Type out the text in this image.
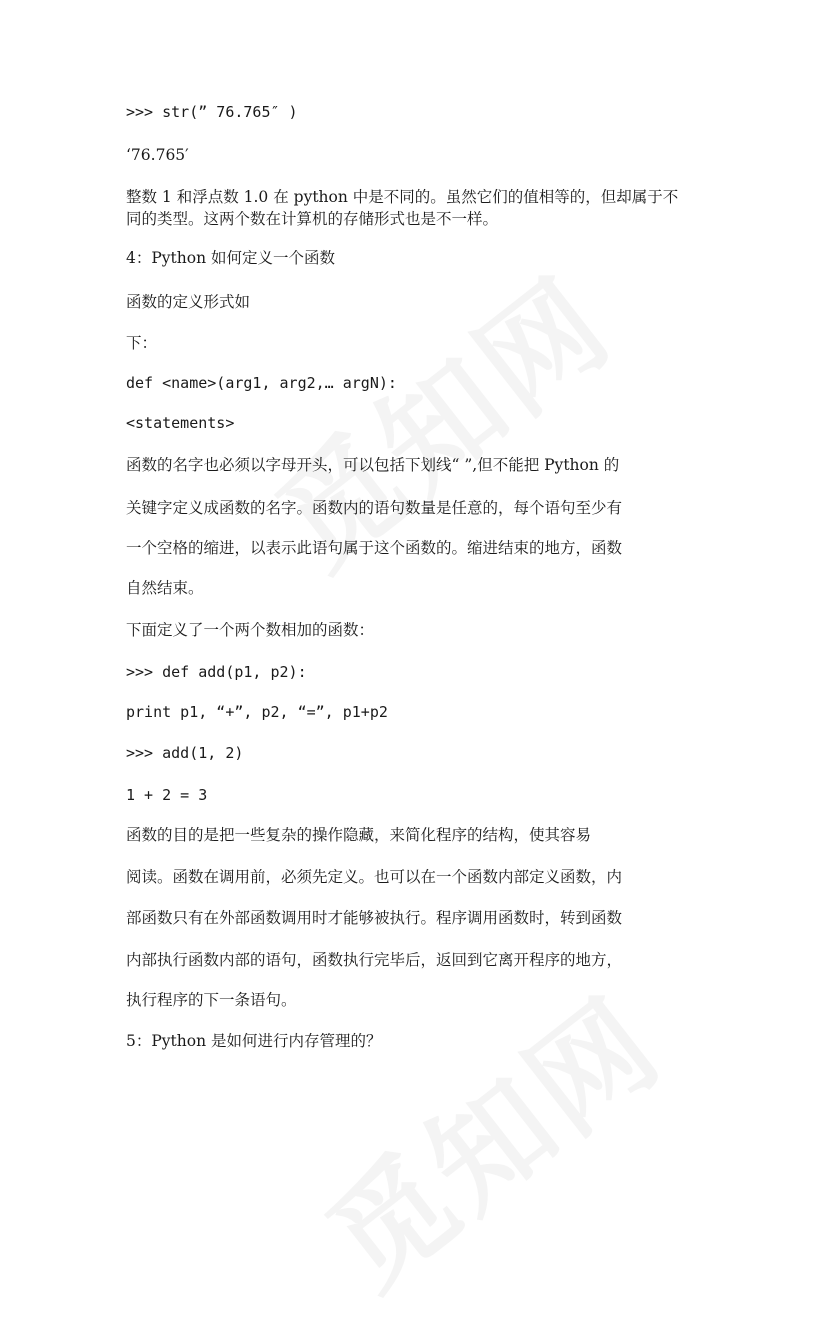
>>> str(” 76.765″ )
‘76.765′
整数 1 和浮点数 1.0 在 python 中是不同的。虽然它们的值相等的，但却属于不
同的类型。这两个数在计算机的存储形式也是不一样。
4：Python 如何定义一个函数
函数的定义形式如
下：
def <name>(arg1, arg2,… argN):
<statements>
函数的名字也必须以字母开头，可以包括下划线“ ”,但不能把 Python 的
关键字定义成函数的名字。函数内的语句数量是任意的，每个语句至少有
一个空格的缩进，以表示此语句属于这个函数的。缩进结束的地方，函数
自然结束。
下面定义了一个两个数相加的函数：
>>> def add(p1, p2):
print p1, “+”, p2, “=”, p1+p2
>>> add(1, 2)
1 + 2 = 3
函数的目的是把一些复杂的操作隐藏，来简化程序的结构，使其容易
阅读。函数在调用前，必须先定义。也可以在一个函数内部定义函数，内
部函数只有在外部函数调用时才能够被执行。程序调用函数时，转到函数
内部执行函数内部的语句，函数执行完毕后，返回到它离开程序的地方，
执行程序的下一条语句。
5：Python 是如何进行内存管理的？
